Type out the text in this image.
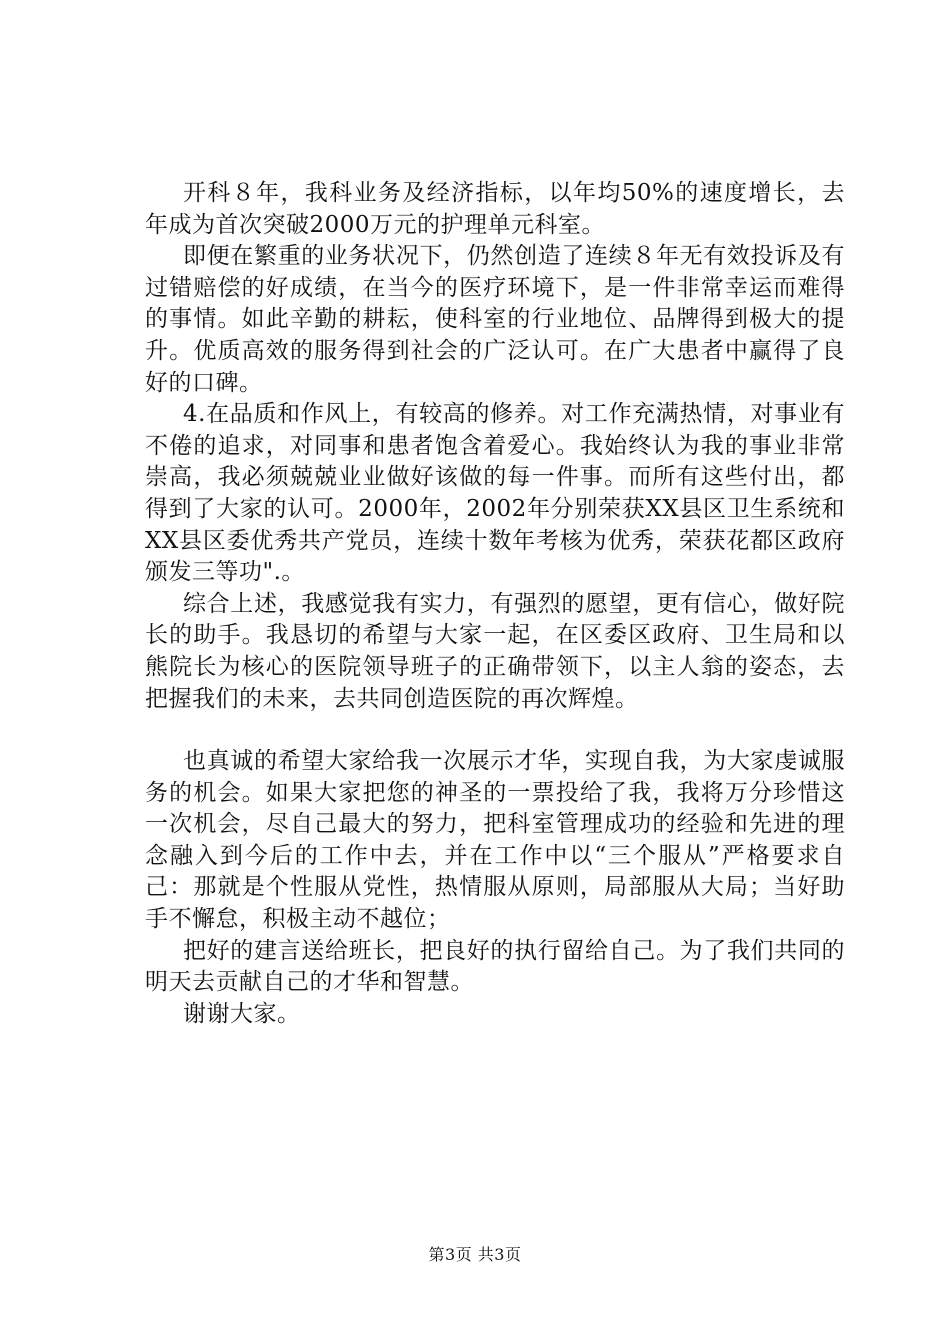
开科８年，我科业务及经济指标，以年均50%的速度增长，去年成为首次突破2000万元的护理单元科室。

即便在繁重的业务状况下，仍然创造了连续８年无有效投诉及有过错赔偿的好成绩，在当今的医疗环境下，是一件非常幸运而难得的事情。如此辛勤的耕耘，使科室的行业地位、品牌得到极大的提升。优质高效的服务得到社会的广泛认可。在广大患者中赢得了良好的口碑。

4.在品质和作风上，有较高的修养。对工作充满热情，对事业有不倦的追求，对同事和患者饱含着爱心。我始终认为我的事业非常崇高，我必须兢兢业业做好该做的每一件事。而所有这些付出，都得到了大家的认可。2000年，2002年分别荣获XX县区卫生系统和XX县区委优秀共产党员，连续十数年考核为优秀，荣获花都区政府颁发三等功".。

综合上述，我感觉我有实力，有强烈的愿望，更有信心，做好院长的助手。我恳切的希望与大家一起，在区委区政府、卫生局和以熊院长为核心的医院领导班子的正确带领下，以主人翁的姿态，去把握我们的未来，去共同创造医院的再次辉煌。

也真诚的希望大家给我一次展示才华，实现自我，为大家虔诚服务的机会。如果大家把您的神圣的一票投给了我，我将万分珍惜这一次机会，尽自己最大的努力，把科室管理成功的经验和先进的理念融入到今后的工作中去，并在工作中以“三个服从”严格要求自己：那就是个性服从党性，热情服从原则，局部服从大局；当好助手不懈怠，积极主动不越位；

把好的建言送给班长，把良好的执行留给自己。为了我们共同的明天去贡献自己的才华和智慧。

谢谢大家。

第3页 共3页
